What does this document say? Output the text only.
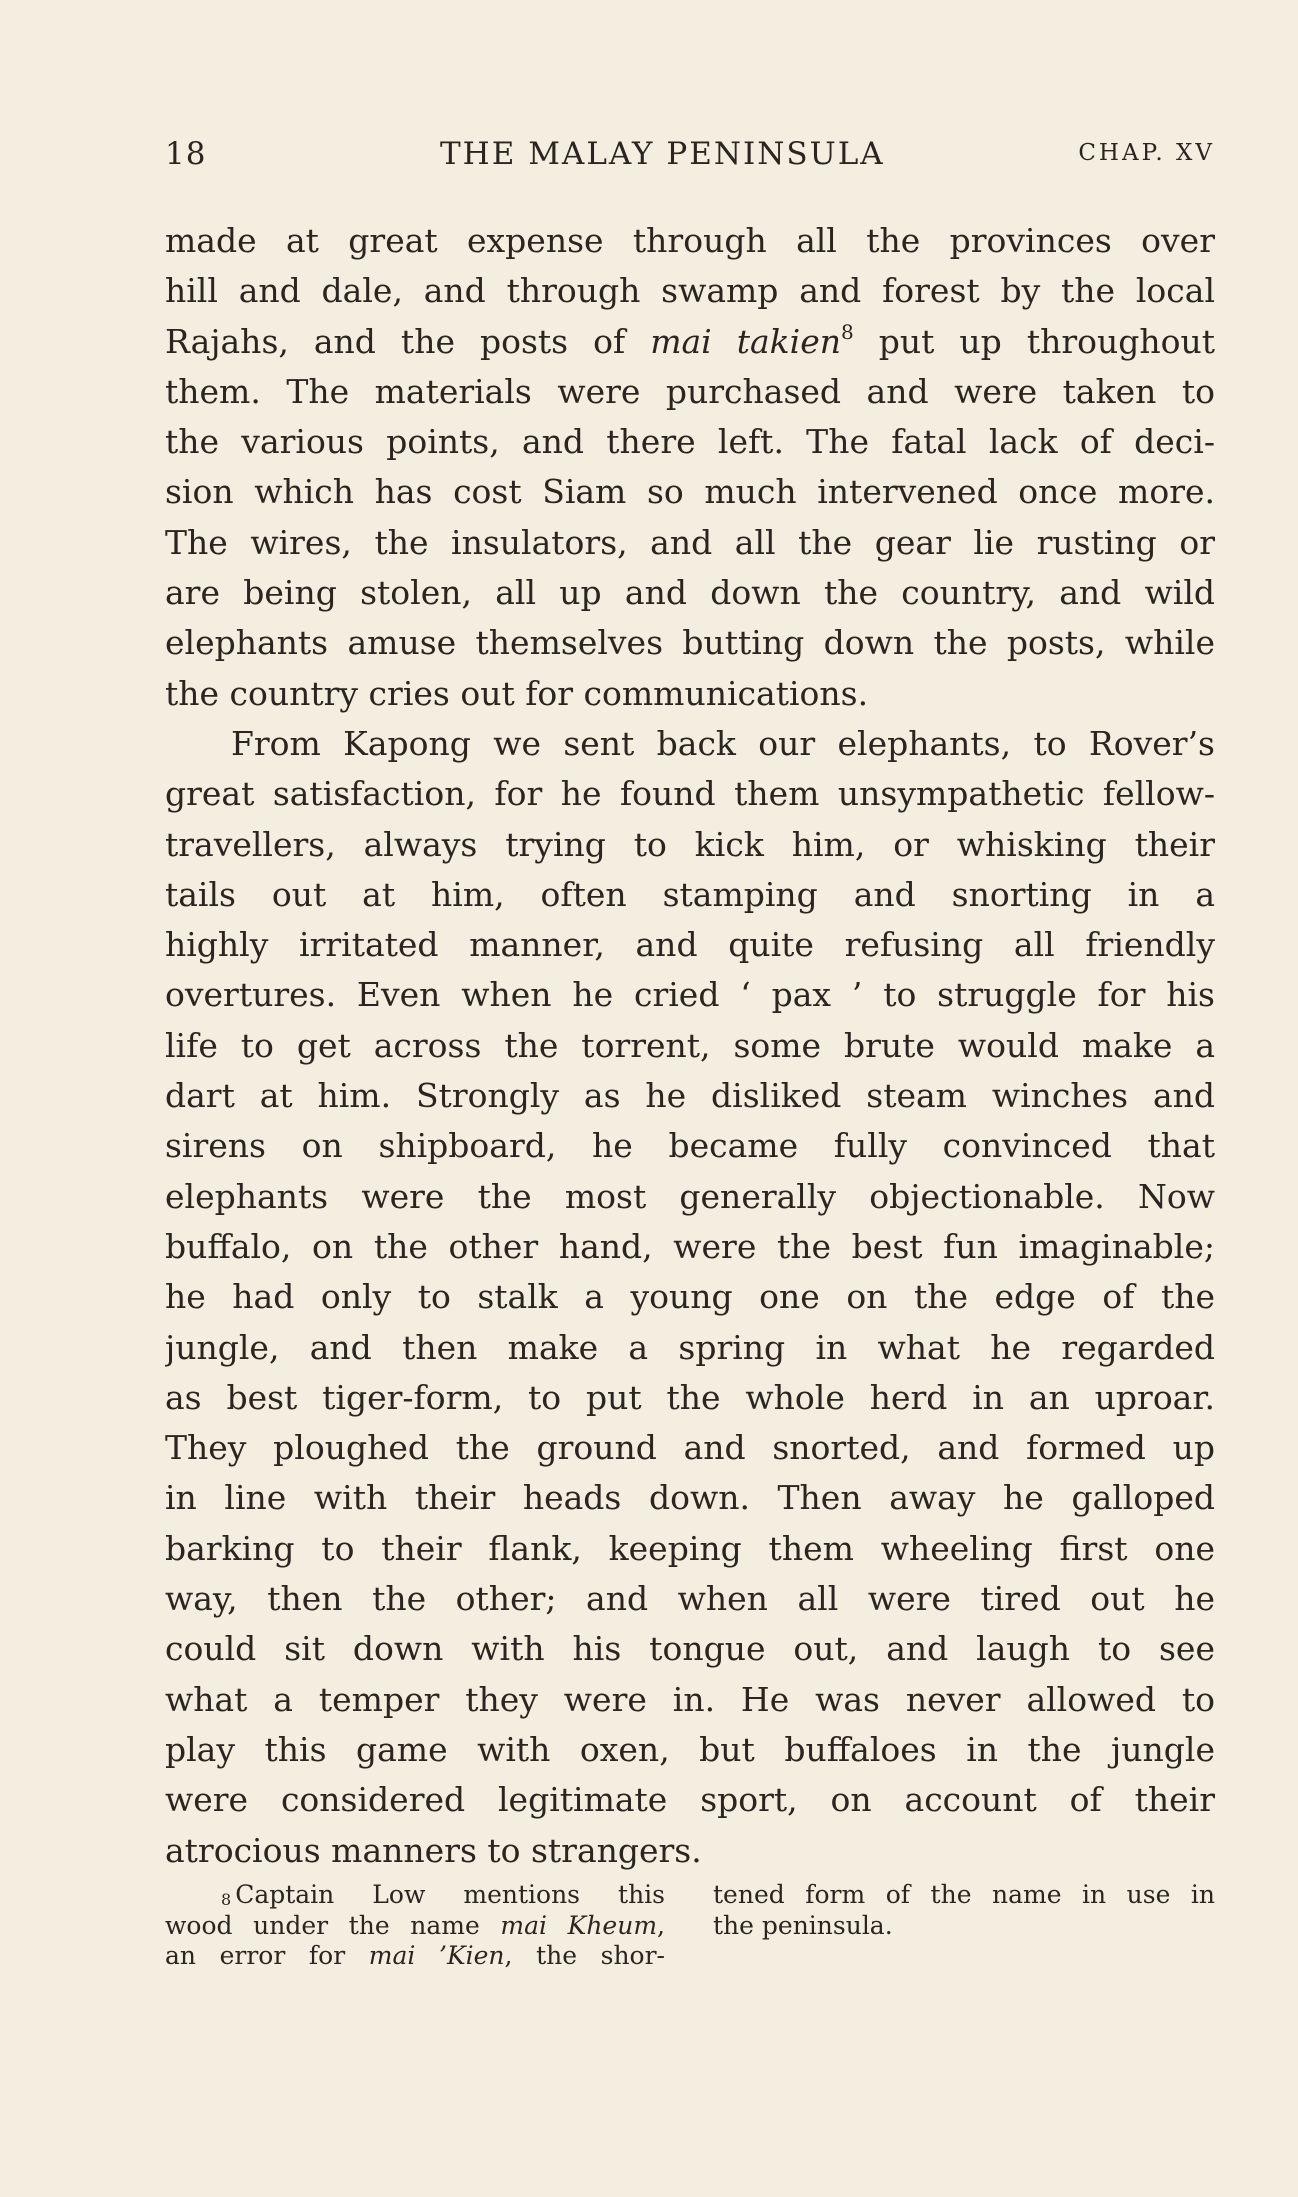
18	THE MALAY PENINSULA	CHAP. XV
made at great expense through all the provinces over
hill and dale, and through swamp and forest by the local
Rajahs, and the posts of mai takien$^8$ put up throughout
them. The materials were purchased and were taken to
the various points, and there left. The fatal lack of deci-
sion which has cost Siam so much intervened once more.
The wires, the insulators, and all the gear lie rusting or
are being stolen, all up and down the country, and wild
elephants amuse themselves butting down the posts, while
the country cries out for communications.
From Kapong we sent back our elephants, to Rover’s
great satisfaction, for he found them unsympathetic fellow-
travellers, always trying to kick him, or whisking their
tails out at him, often stamping and snorting in a
highly irritated manner, and quite refusing all friendly
overtures. Even when he cried ‘ pax ’ to struggle for his
life to get across the torrent, some brute would make a
dart at him. Strongly as he disliked steam winches and
sirens on shipboard, he became fully convinced that
elephants were the most generally objectionable. Now
buffalo, on the other hand, were the best fun imaginable;
he had only to stalk a young one on the edge of the
jungle, and then make a spring in what he regarded
as best tiger-form, to put the whole herd in an uproar.
They ploughed the ground and snorted, and formed up
in line with their heads down. Then away he galloped
barking to their flank, keeping them wheeling first one
way, then the other; and when all were tired out he
could sit down with his tongue out, and laugh to see
what a temper they were in. He was never allowed to
play this game with oxen, but buffaloes in the jungle
were considered legitimate sport, on account of their
atrocious manners to strangers.
8 Captain Low mentions this
wood under the name mai Kheum,
an error for mai ’Kien, the shor-
tened form of the name in use in
the peninsula.
